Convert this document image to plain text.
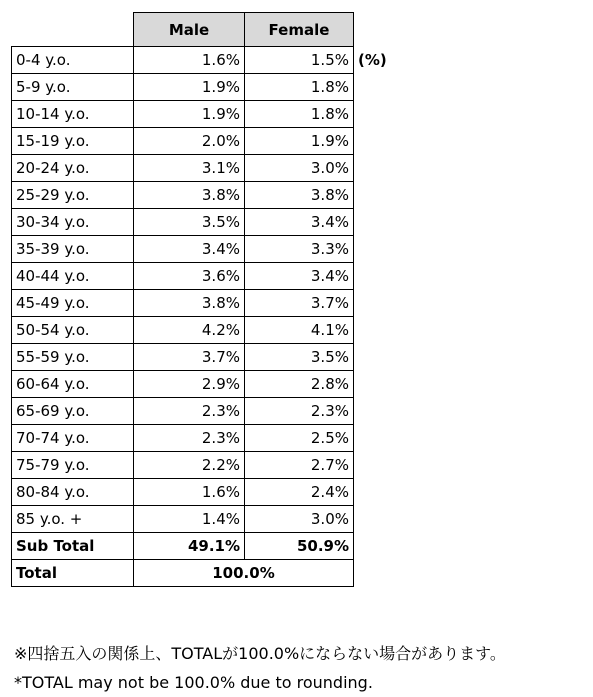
	Male	Female
0-4 y.o.	1.6%	1.5%
5-9 y.o.	1.9%	1.8%
10-14 y.o.	1.9%	1.8%
15-19 y.o.	2.0%	1.9%
20-24 y.o.	3.1%	3.0%
25-29 y.o.	3.8%	3.8%
30-34 y.o.	3.5%	3.4%
35-39 y.o.	3.4%	3.3%
40-44 y.o.	3.6%	3.4%
45-49 y.o.	3.8%	3.7%
50-54 y.o.	4.2%	4.1%
55-59 y.o.	3.7%	3.5%
60-64 y.o.	2.9%	2.8%
65-69 y.o.	2.3%	2.3%
70-74 y.o.	2.3%	2.5%
75-79 y.o.	2.2%	2.7%
80-84 y.o.	1.6%	2.4%
85 y.o. +	1.4%	3.0%
Sub Total	49.1%	50.9%
Total	100.0%	
(%)
※四捨五入の関係上、TOTALが100.0%にならない場合があります。
*TOTAL may not be 100.0% due to rounding.
